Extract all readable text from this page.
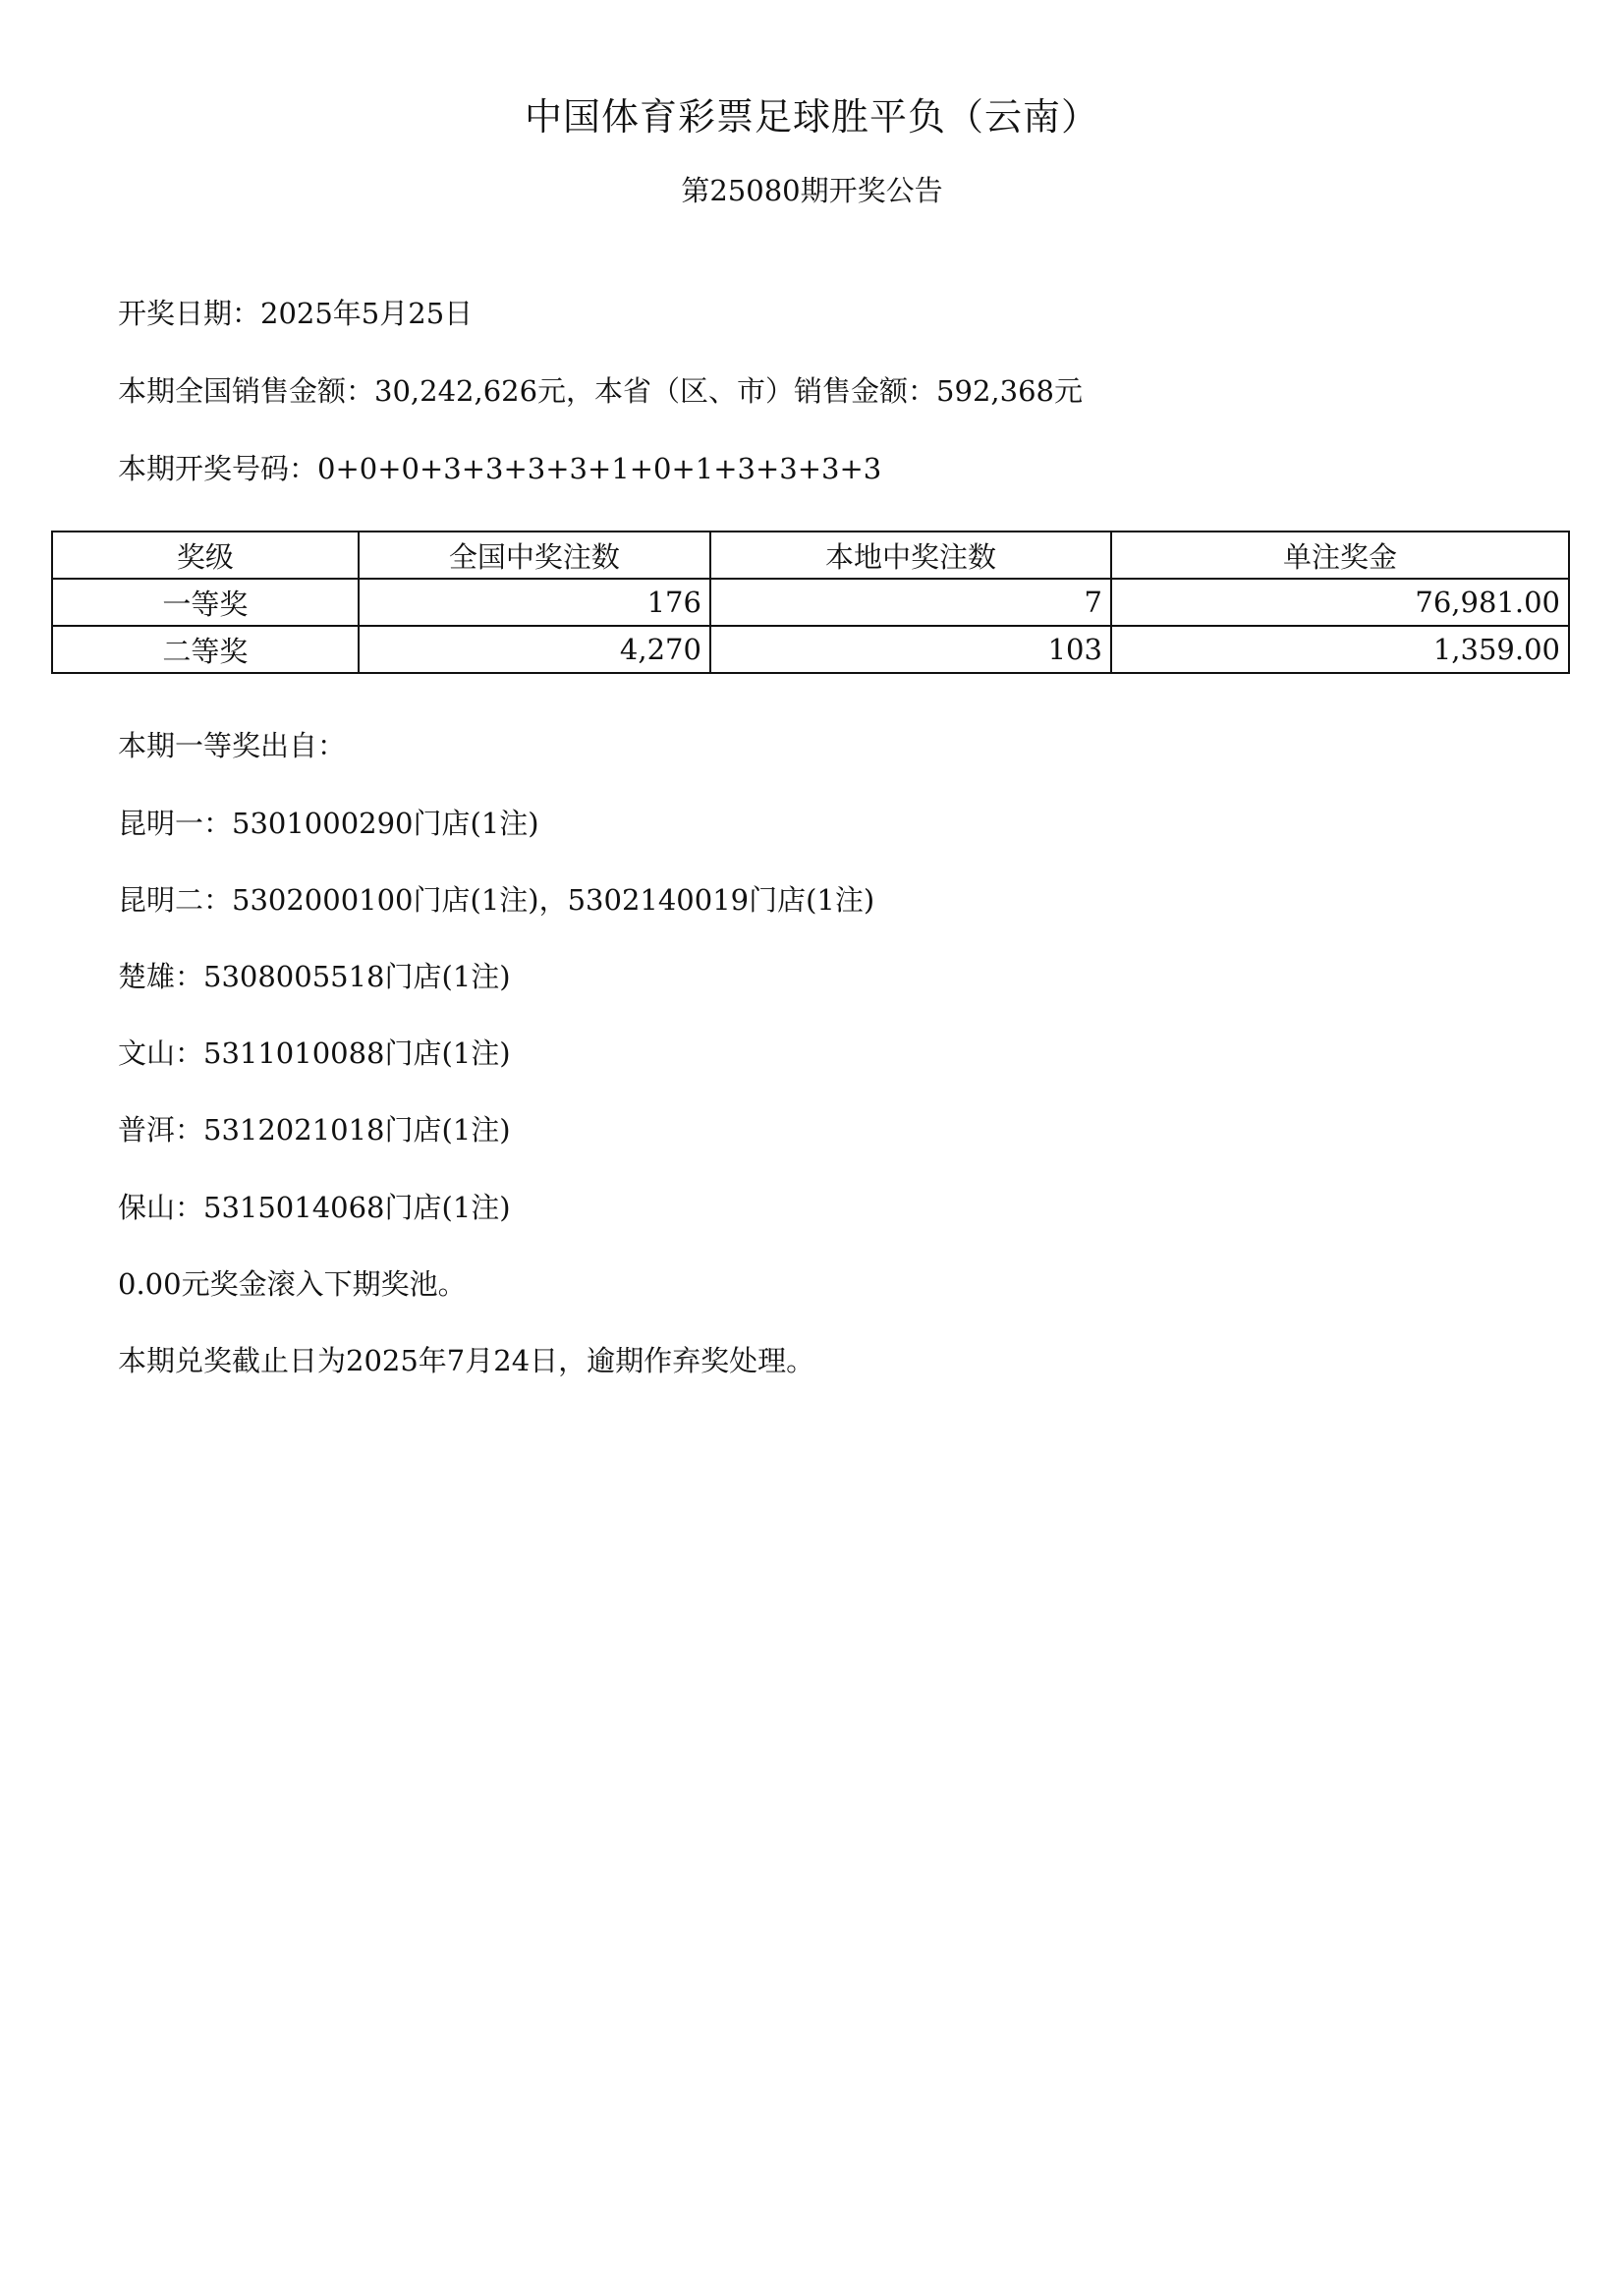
中国体育彩票足球胜平负（云南）
第25080期开奖公告
开奖日期：2025年5月25日
本期全国销售金额：30,242,626元，本省（区、市）销售金额：592,368元
本期开奖号码：0+0+0+3+3+3+3+1+0+1+3+3+3+3
奖级	全国中奖注数	本地中奖注数	单注奖金
一等奖	176	7	76,981.00
二等奖	4,270	103	1,359.00
本期一等奖出自：
昆明一：5301000290门店(1注)
昆明二：5302000100门店(1注)，5302140019门店(1注)
楚雄：5308005518门店(1注)
文山：5311010088门店(1注)
普洱：5312021018门店(1注)
保山：5315014068门店(1注)
0.00元奖金滚入下期奖池。
本期兑奖截止日为2025年7月24日，逾期作弃奖处理。
